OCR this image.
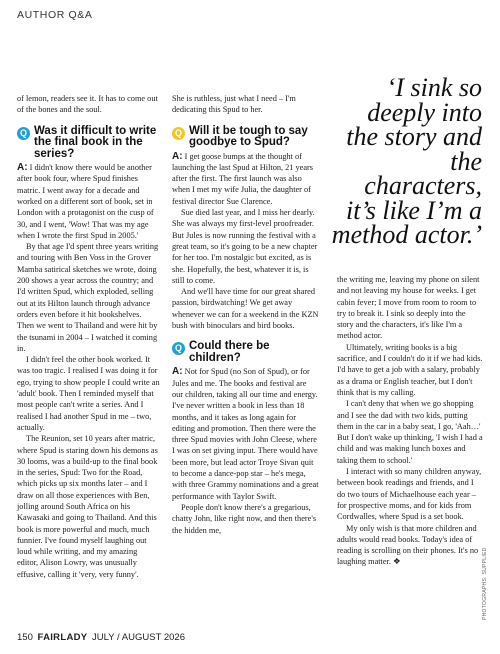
AUTHOR Q&A

of lemon, readers see it. It has to come out of the bones and the soul.

Q Was it difficult to write the final book in the series?

A: I didn't know there would be another after book four, where Spud finishes matric. I went away for a decade and worked on a different sort of book, set in London with a protagonist on the cusp of 30, and I went, 'Wow! That was my age when I wrote the first Spud in 2005.'

By that age I'd spent three years writing and touring with Ben Voss in the Grover Mamba satirical sketches we wrote, doing 200 shows a year across the country; and I'd written Spud, which exploded, selling out at its Hilton launch through advance orders even before it hit bookshelves. Then we went to Thailand and were hit by the tsunami in 2004 – I watched it coming in.

I didn't feel the other book worked. It was too tragic. I realised I was doing it for ego, trying to show people I could write an 'adult' book. Then I reminded myself that most people can't write a series. And I realised I had another Spud in me – two, actually.

The Reunion, set 10 years after matric, where Spud is staring down his demons as 30 looms, was a build-up to the final book in the series, Spud: Two for the Road, which picks up six months later – and I draw on all those experiences with Ben, jolling around South Africa on his Kawasaki and going to Thailand. And this book is more powerful and much, much funnier. I've found myself laughing out loud while writing, and my amazing editor, Alison Lowry, was unusually effusive, calling it 'very, very funny'.

She is ruthless, just what I need – I'm dedicating this Spud to her.

Q Will it be tough to say goodbye to Spud?

A: I get goose bumps at the thought of launching the last Spud at Hilton, 21 years after the first. The first launch was also when I met my wife Julia, the daughter of festival director Sue Clarence.

Sue died last year, and I miss her dearly. She was always my first-level proofreader. But Jules is now running the festival with a great team, so it's going to be a new chapter for her too. I'm nostalgic but excited, as is she. Hopefully, the best, whatever it is, is still to come.

And we'll have time for our great shared passion, birdwatching! We get away whenever we can for a weekend in the KZN bush with binoculars and bird books.

Q Could there be children?

A: Not for Spud (no Son of Spud), or for Jules and me. The books and festival are our children, taking all our time and energy. I've never written a book in less than 18 months, and it takes as long again for editing and promotion. Then there were the three Spud movies with John Cleese, where I was on set giving input. There would have been more, but lead actor Troye Sivan quit to become a dance-pop star – he's mega, with three Grammy nominations and a great performance with Taylor Swift.

People don't know there's a gregarious, chatty John, like right now, and then there's the hidden me,

‘I sink so deeply into the story and the characters, it’s like I’m a method actor.’

the writing me, leaving my phone on silent and not leaving my house for weeks. I get cabin fever; I move from room to room to try to break it. I sink so deeply into the story and the characters, it's like I'm a method actor.

Ultimately, writing books is a big sacrifice, and I couldn't do it if we had kids. I'd have to get a job with a salary, probably as a drama or English teacher, but I don't think that is my calling.

I can't deny that when we go shopping and I see the dad with two kids, putting them in the car in a baby seat, I go, 'Aah…' But I don't wake up thinking, 'I wish I had a child and was making lunch boxes and taking them to school.'

I interact with so many children anyway, between book readings and friends, and I do two tours of Michaelhouse each year – for prospective moms, and for kids from Cordwalles, where Spud is a set book.

My only wish is that more children and adults would read books. Today's idea of reading is scrolling on their phones. It's no laughing matter. ❖	PHOTOGRAPHS: SUPPLIED
150 FAIRLADY JULY / AUGUST 2026
